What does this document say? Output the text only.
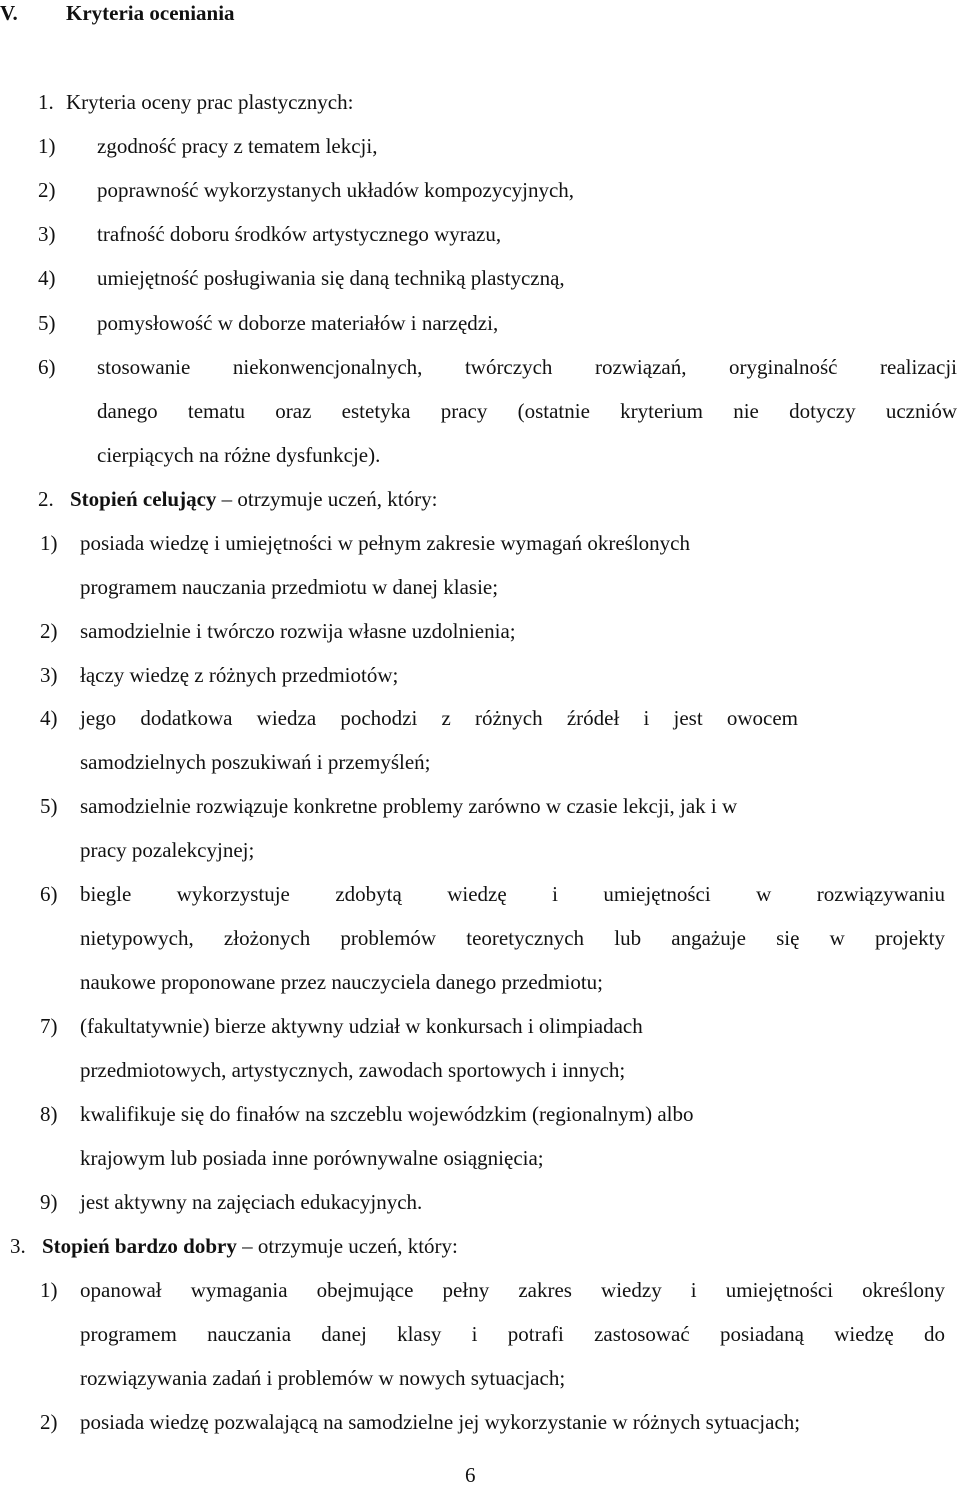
V. Kryteria oceniania
1. Kryteria oceny prac plastycznych:
1) zgodność pracy z tematem lekcji,
2) poprawność wykorzystanych układów kompozycyjnych,
3) trafność doboru środków artystycznego wyrazu,
4) umiejętność posługiwania się daną techniką plastyczną,
5) pomysłowość w doborze materiałów i narzędzi,
6) stosowanie niekonwencjonalnych, twórczych rozwiązań, oryginalność realizacji
danego tematu oraz estetyka pracy (ostatnie kryterium nie dotyczy uczniów
cierpiących na różne dysfunkcje).
2. Stopień celujący – otrzymuje uczeń, który:
1) posiada wiedzę i umiejętności w pełnym zakresie wymagań określonych
programem nauczania przedmiotu w danej klasie;
2) samodzielnie i twórczo rozwija własne uzdolnienia;
3) łączy wiedzę z różnych przedmiotów;
4) jego dodatkowa wiedza pochodzi z różnych źródeł i jest owocem
samodzielnych poszukiwań i przemyśleń;
5) samodzielnie rozwiązuje konkretne problemy zarówno w czasie lekcji, jak i w
pracy pozalekcyjnej;
6) biegle wykorzystuje zdobytą wiedzę i umiejętności w rozwiązywaniu
nietypowych, złożonych problemów teoretycznych lub angażuje się w projekty
naukowe proponowane przez nauczyciela danego przedmiotu;
7) (fakultatywnie) bierze aktywny udział w konkursach i olimpiadach
przedmiotowych, artystycznych, zawodach sportowych i innych;
8) kwalifikuje się do finałów na szczeblu wojewódzkim (regionalnym) albo
krajowym lub posiada inne porównywalne osiągnięcia;
9) jest aktywny na zajęciach edukacyjnych.
3. Stopień bardzo dobry – otrzymuje uczeń, który:
1) opanował wymagania obejmujące pełny zakres wiedzy i umiejętności określony
programem nauczania danej klasy i potrafi zastosować posiadaną wiedzę do
rozwiązywania zadań i problemów w nowych sytuacjach;
2) posiada wiedzę pozwalającą na samodzielne jej wykorzystanie w różnych sytuacjach;
6
